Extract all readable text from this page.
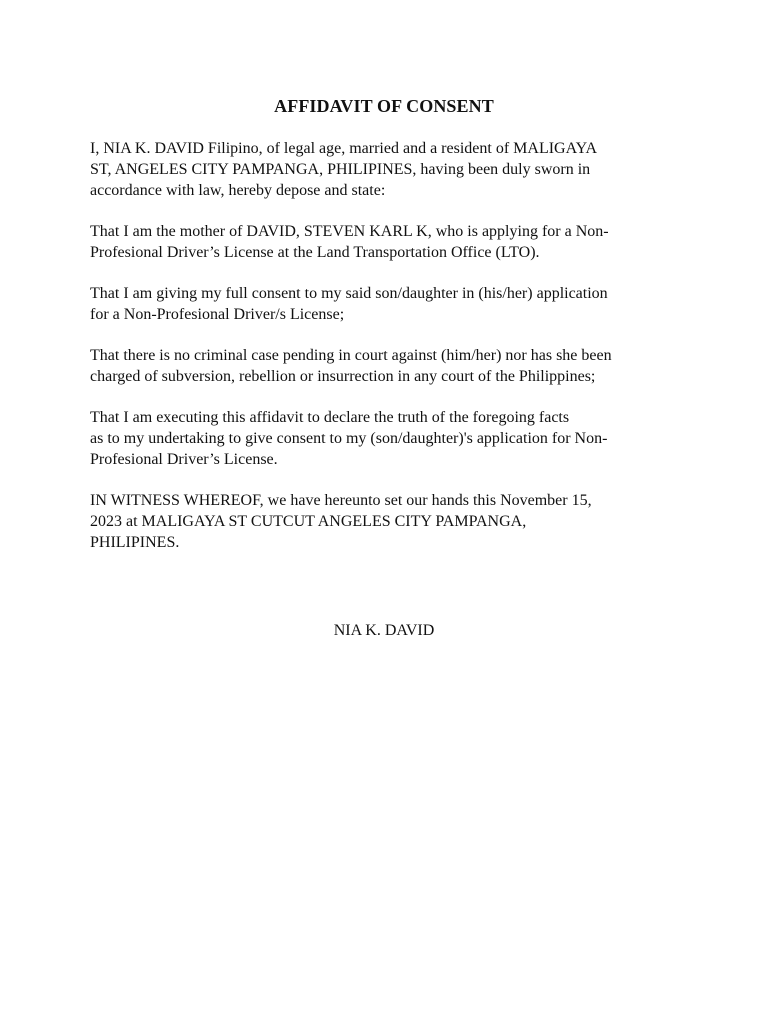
AFFIDAVIT OF CONSENT

I, NIA K. DAVID Filipino, of legal age, married and a resident of MALIGAYA
ST, ANGELES CITY PAMPANGA, PHILIPINES, having been duly sworn in
accordance with law, hereby depose and state:

That I am the mother of DAVID, STEVEN KARL K, who is applying for a Non-
Profesional Driver’s License at the Land Transportation Office (LTO).

That I am giving my full consent to my said son/daughter in (his/her) application
for a Non-Profesional Driver/s License;

That there is no criminal case pending in court against (him/her) nor has she been
charged of subversion, rebellion or insurrection in any court of the Philippines;

That I am executing this affidavit to declare the truth of the foregoing facts
as to my undertaking to give consent to my (son/daughter)'s application for Non-
Profesional Driver’s License.

IN WITNESS WHEREOF, we have hereunto set our hands this November 15,
2023 at MALIGAYA ST CUTCUT ANGELES CITY PAMPANGA,
PHILIPINES.

NIA K. DAVID
